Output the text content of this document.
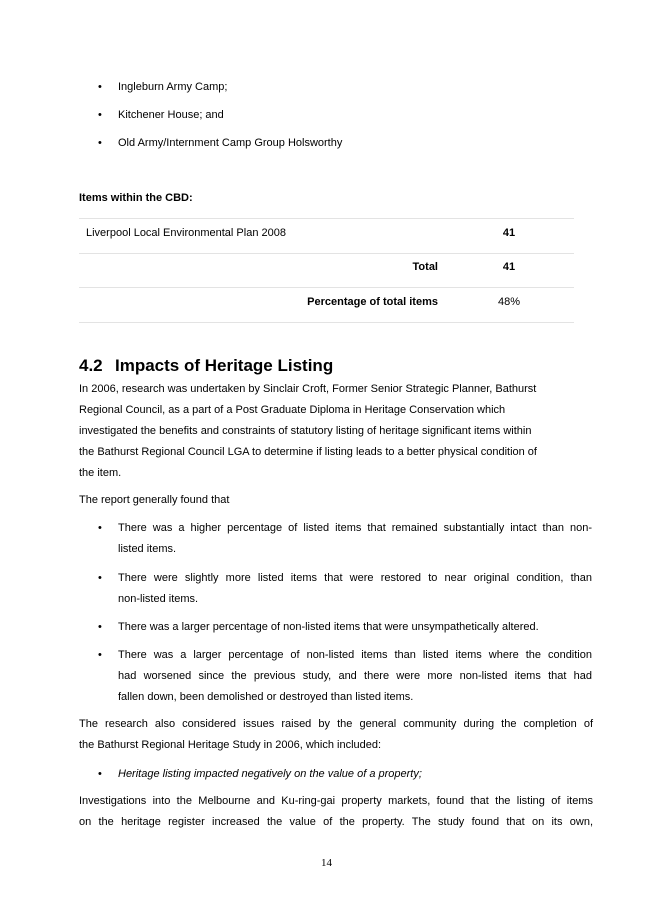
• Ingleburn Army Camp;
• Kitchener House; and
• Old Army/Internment Camp Group Holsworthy
Items within the CBD:
Liverpool Local Environmental Plan 2008	41
Total	41
Percentage of total items	48%
4.2 Impacts of Heritage Listing
In 2006, research was undertaken by Sinclair Croft, Former Senior Strategic Planner, Bathurst
Regional Council, as a part of a Post Graduate Diploma in Heritage Conservation which
investigated the benefits and constraints of statutory listing of heritage significant items within
the Bathurst Regional Council LGA to determine if listing leads to a better physical condition of
the item.
The report generally found that
• There was a higher percentage of listed items that remained substantially intact than non-
listed items.
• There were slightly more listed items that were restored to near original condition, than
non-listed items.
• There was a larger percentage of non-listed items that were unsympathetically altered.
• There was a larger percentage of non-listed items than listed items where the condition
had worsened since the previous study, and there were more non-listed items that had
fallen down, been demolished or destroyed than listed items.
The research also considered issues raised by the general community during the completion of
the Bathurst Regional Heritage Study in 2006, which included:
• Heritage listing impacted negatively on the value of a property;
Investigations into the Melbourne and Ku-ring-gai property markets, found that the listing of items
on the heritage register increased the value of the property. The study found that on its own,
14
